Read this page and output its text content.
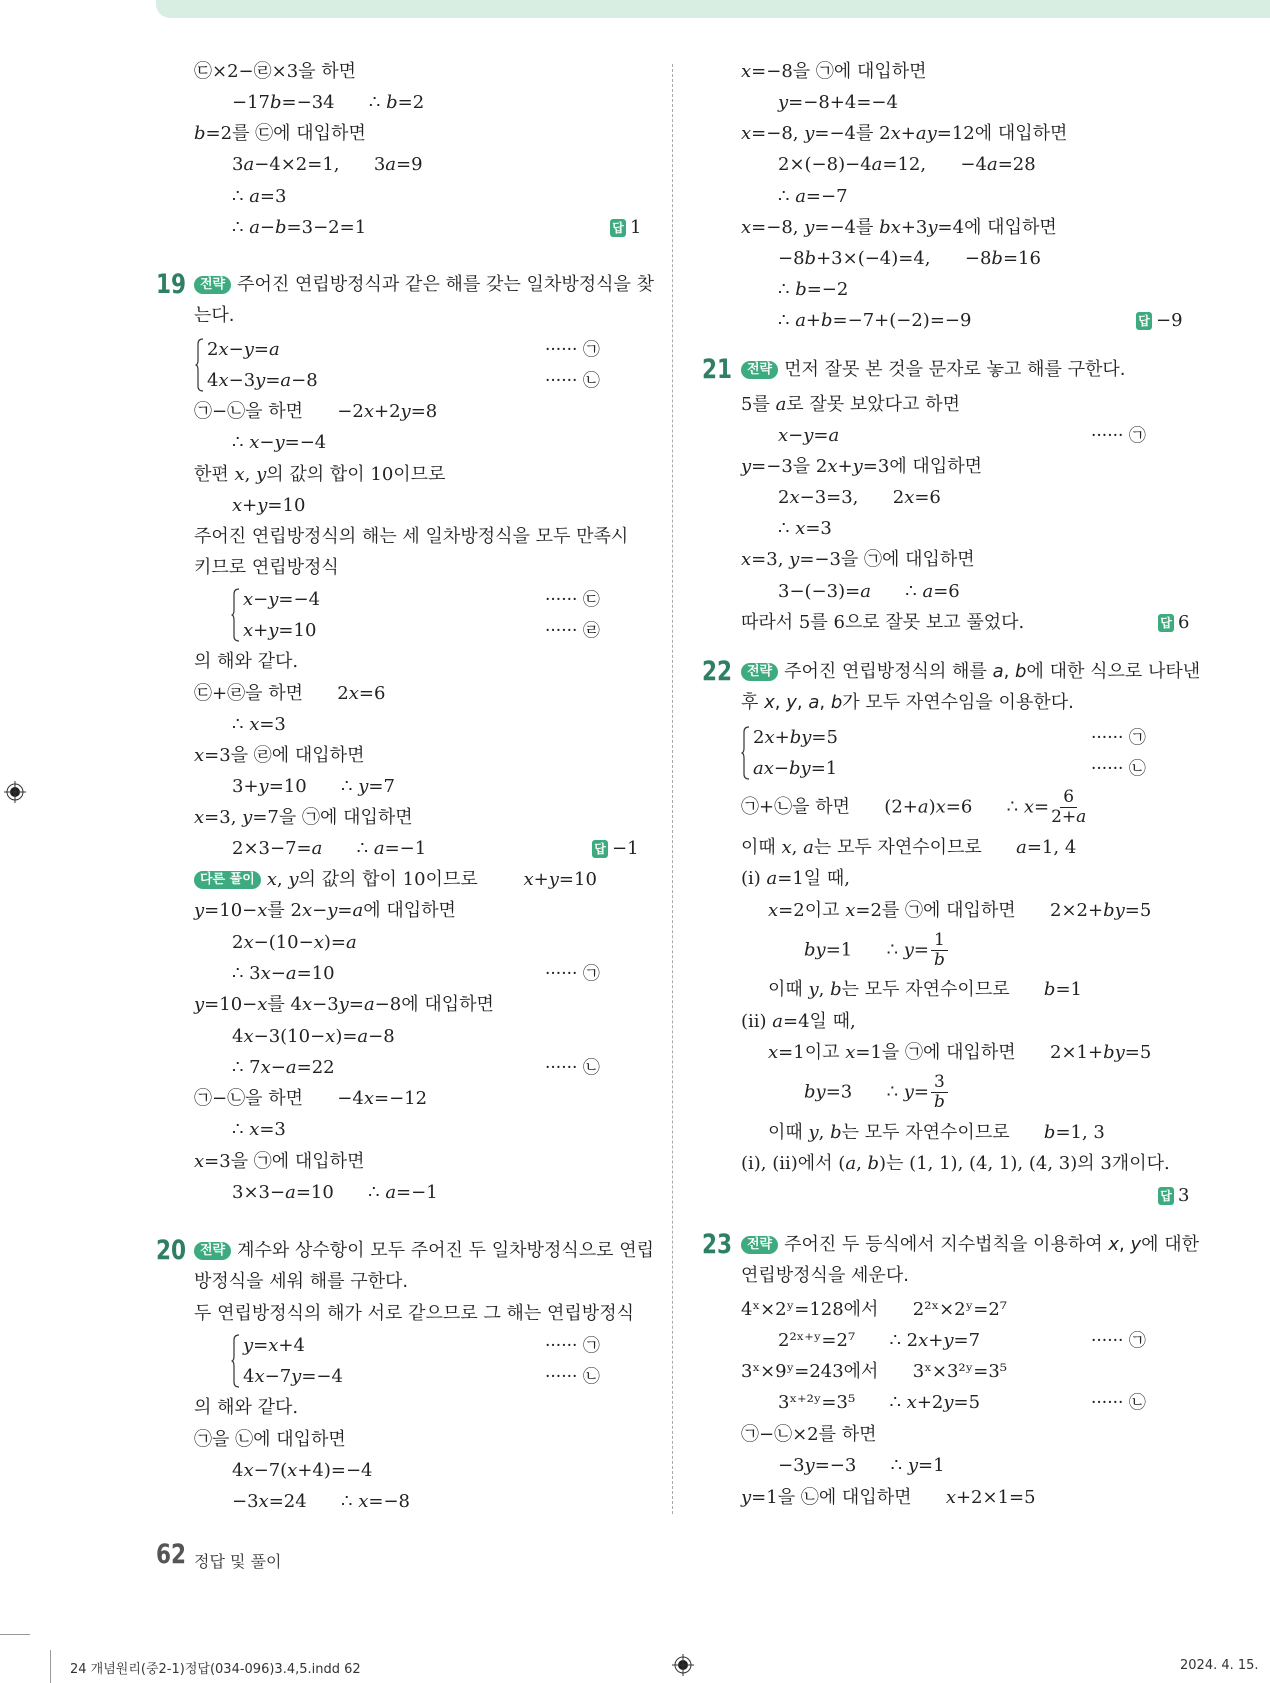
㉢×2−㉣×3을 하면
−17b=−34      ∴ b=2
b=2를 ㉢에 대입하면
3a−4×2=1,      3a=9
∴ a=3
∴ a−b=3−2=1	답 1
19	전략 주어진 연립방정식과 같은 해를 갖는 일차방정식을 찾
는다.
2x−y=a	······ ㉠
4x−3y=a−8	······ ㉡
㉠−㉡을 하면      −2x+2y=8
∴ x−y=−4
한편 x, y의 값의 합이 10이므로
x+y=10
주어진 연립방정식의 해는 세 일차방정식을 모두 만족시
키므로 연립방정식
x−y=−4	······ ㉢
x+y=10	······ ㉣
의 해와 같다.
㉢+㉣을 하면      2x=6
∴ x=3
x=3을 ㉣에 대입하면
3+y=10      ∴ y=7
x=3, y=7을 ㉠에 대입하면
2×3−7=a      ∴ a=−1	답 −1
다른 풀이 x, y의 값의 합이 10이므로        x+y=10
y=10−x를 2x−y=a에 대입하면
2x−(10−x)=a
∴ 3x−a=10	······ ㉠
y=10−x를 4x−3y=a−8에 대입하면
4x−3(10−x)=a−8
∴ 7x−a=22	······ ㉡
㉠−㉡을 하면      −4x=−12
∴ x=3
x=3을 ㉠에 대입하면
3×3−a=10      ∴ a=−1
20	전략 계수와 상수항이 모두 주어진 두 일차방정식으로 연립
방정식을 세워 해를 구한다.
두 연립방정식의 해가 서로 같으므로 그 해는 연립방정식
y=x+4	······ ㉠
4x−7y=−4	······ ㉡
의 해와 같다.
㉠을 ㉡에 대입하면
4x−7(x+4)=−4
−3x=24      ∴ x=−8
x=−8을 ㉠에 대입하면
y=−8+4=−4
x=−8, y=−4를 2x+ay=12에 대입하면
2×(−8)−4a=12,      −4a=28
∴ a=−7
x=−8, y=−4를 bx+3y=4에 대입하면
−8b+3×(−4)=4,      −8b=16
∴ b=−2
∴ a+b=−7+(−2)=−9	답 −9
21	전략 먼저 잘못 본 것을 문자로 놓고 해를 구한다.
5를 a로 잘못 보았다고 하면
x−y=a	······ ㉠
y=−3을 2x+y=3에 대입하면
2x−3=3,      2x=6
∴ x=3
x=3, y=−3을 ㉠에 대입하면
3−(−3)=a      ∴ a=6
따라서 5를 6으로 잘못 보고 풀었다.	답 6
22	전략 주어진 연립방정식의 해를 a, b에 대한 식으로 나타낸
후 x, y, a, b가 모두 자연수임을 이용한다.
2x+by=5	······ ㉠
ax−by=1	······ ㉡
㉠+㉡을 하면      (2+a)x=6      ∴ $x= \frac{6}{2+a}$
이때 x, a는 모두 자연수이므로      a=1, 4
(i) a=1일 때,
x=2이고 x=2를 ㉠에 대입하면      2×2+by=5
by=1      ∴ $y= \frac{1}{b}$
이때 y, b는 모두 자연수이므로      b=1
(ii) a=4일 때,
x=1이고 x=1을 ㉠에 대입하면      2×1+by=5
by=3      ∴ $y= \frac{3}{b}$
이때 y, b는 모두 자연수이므로      b=1, 3
(i), (ii)에서 (a, b)는 (1, 1), (4, 1), (4, 3)의 3개이다.
답 3
23	전략 주어진 두 등식에서 지수법칙을 이용하여 x, y에 대한
연립방정식을 세운다.
4ˣ×2ʸ=128에서      2²ˣ×2ʸ=2⁷
2²ˣ⁺ʸ=2⁷      ∴ 2x+y=7	······ ㉠
3ˣ×9ʸ=243에서      3ˣ×3²ʸ=3⁵
3ˣ⁺²ʸ=3⁵      ∴ x+2y=5	······ ㉡
㉠−㉡×2를 하면
−3y=−3      ∴ y=1
y=1을 ㉡에 대입하면      x+2×1=5
62 정답 및 풀이
24 개념원리(중2-1)정답(034-096)3.4,5.indd 62	2024. 4. 15.
